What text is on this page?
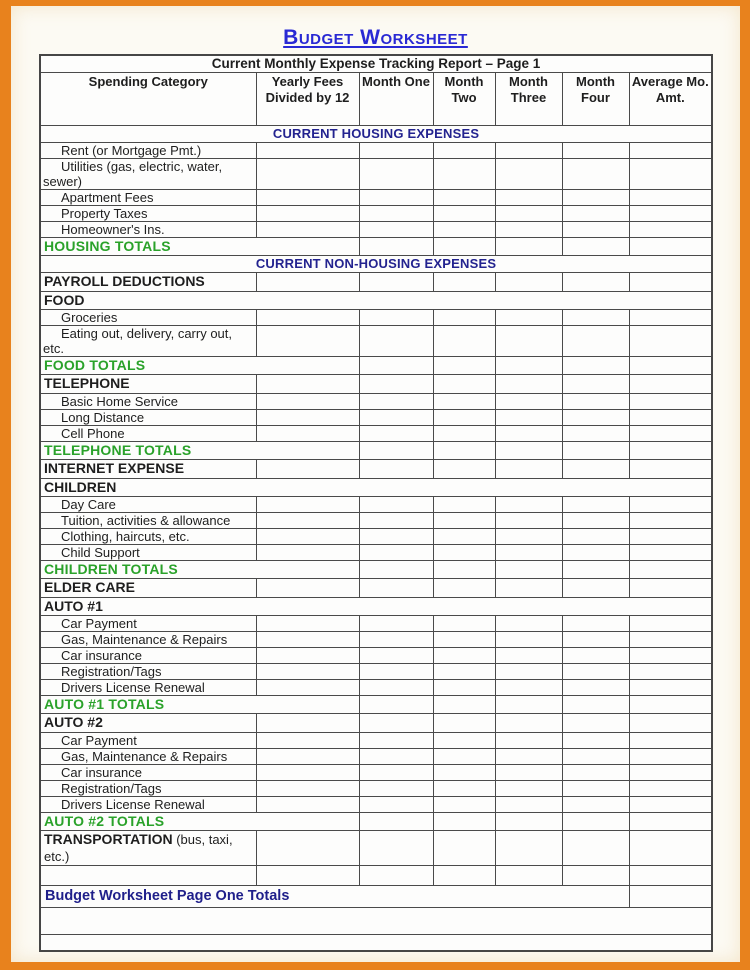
Budget Worksheet
Current Monthly Expense Tracking Report – Page 1						
Spending Category	Yearly Fees Divided by 12	Month One	Month Two	Month Three	Month Four	Average Mo. Amt.
CURRENT HOUSING EXPENSES						
Rent (or Mortgage Pmt.)						
Utilities (gas, electric, water, sewer)						
Apartment Fees						
Property Taxes						
Homeowner's Ins.						
HOUSING TOTALS						
CURRENT NON-HOUSING EXPENSES						
PAYROLL DEDUCTIONS						
FOOD						
Groceries						
Eating out, delivery, carry out, etc.						
FOOD TOTALS						
TELEPHONE						
Basic Home Service						
Long Distance						
Cell Phone						
TELEPHONE TOTALS						
INTERNET EXPENSE						
CHILDREN						
Day Care						
Tuition, activities & allowance						
Clothing, haircuts, etc.						
Child Support						
CHILDREN TOTALS						
ELDER CARE						
AUTO #1						
Car Payment						
Gas, Maintenance & Repairs						
Car insurance						
Registration/Tags						
Drivers License Renewal						
AUTO #1 TOTALS						
AUTO #2						
Car Payment						
Gas, Maintenance & Repairs						
Car insurance						
Registration/Tags						
Drivers License Renewal						
AUTO #2 TOTALS						
TRANSPORTATION (bus, taxi, etc.)						

Budget Worksheet Page One Totals						
